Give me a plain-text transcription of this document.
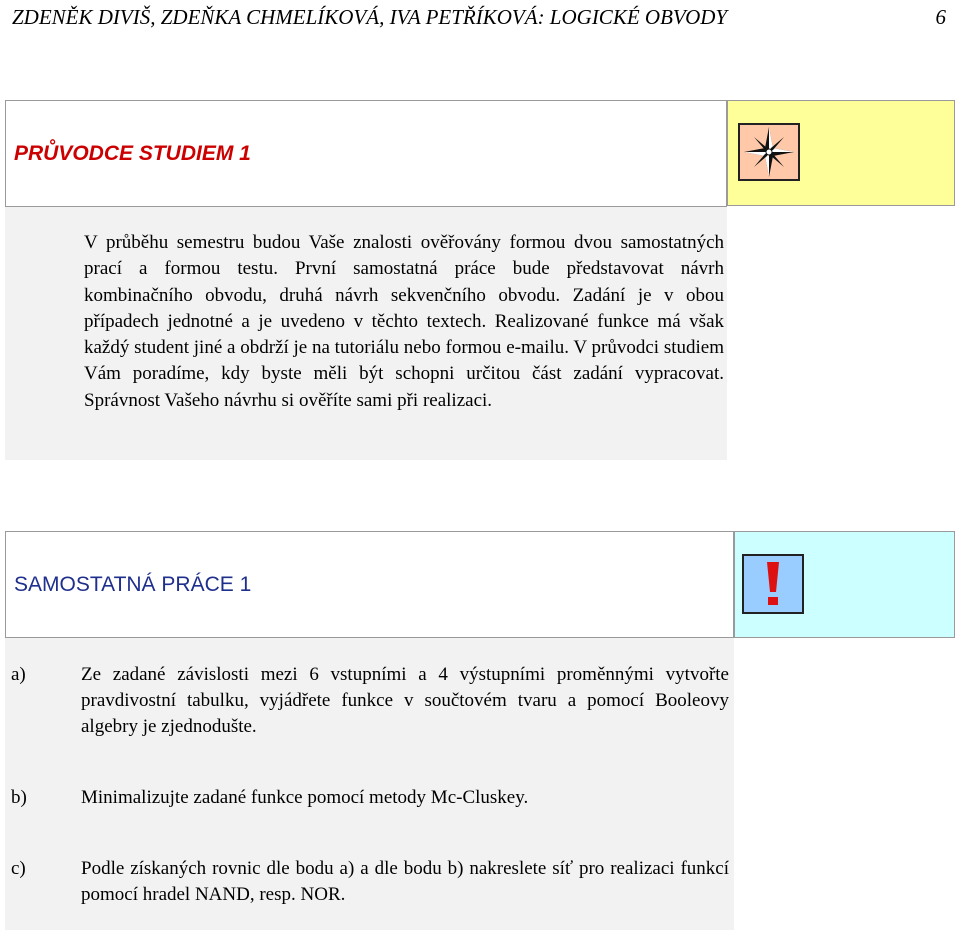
ZDENĚK DIVIŠ, ZDEŇKA CHMELÍKOVÁ, IVA PETŘÍKOVÁ: LOGICKÉ OBVODY	6
PRŮVODCE STUDIEM 1

V průběhu semestru budou Vaše znalosti ověřovány formou dvou samostatných prací a formou testu. První samostatná práce bude představovat návrh kombinačního obvodu, druhá návrh sekvenčního obvodu. Zadání je v obou případech jednotné a je uvedeno v těchto textech. Realizované funkce má však každý student jiné a obdrží je na tutoriálu nebo formou e-mailu. V průvodci studiem Vám poradíme, kdy byste měli být schopni určitou část zadání vypracovat. Správnost Vašeho návrhu si ověříte sami při realizaci.

SAMOSTATNÁ PRÁCE 1
a)	Ze zadané závislosti mezi 6 vstupními a 4 výstupními proměnnými vytvořte pravdivostní tabulku, vyjádřete funkce v součtovém tvaru a pomocí Booleovy algebry je zjednodušte.
b)	Minimalizujte zadané funkce pomocí metody Mc-Cluskey.
c)	Podle získaných rovnic dle bodu a) a dle bodu b) nakreslete síť pro realizaci funkcí pomocí hradel NAND, resp. NOR.
